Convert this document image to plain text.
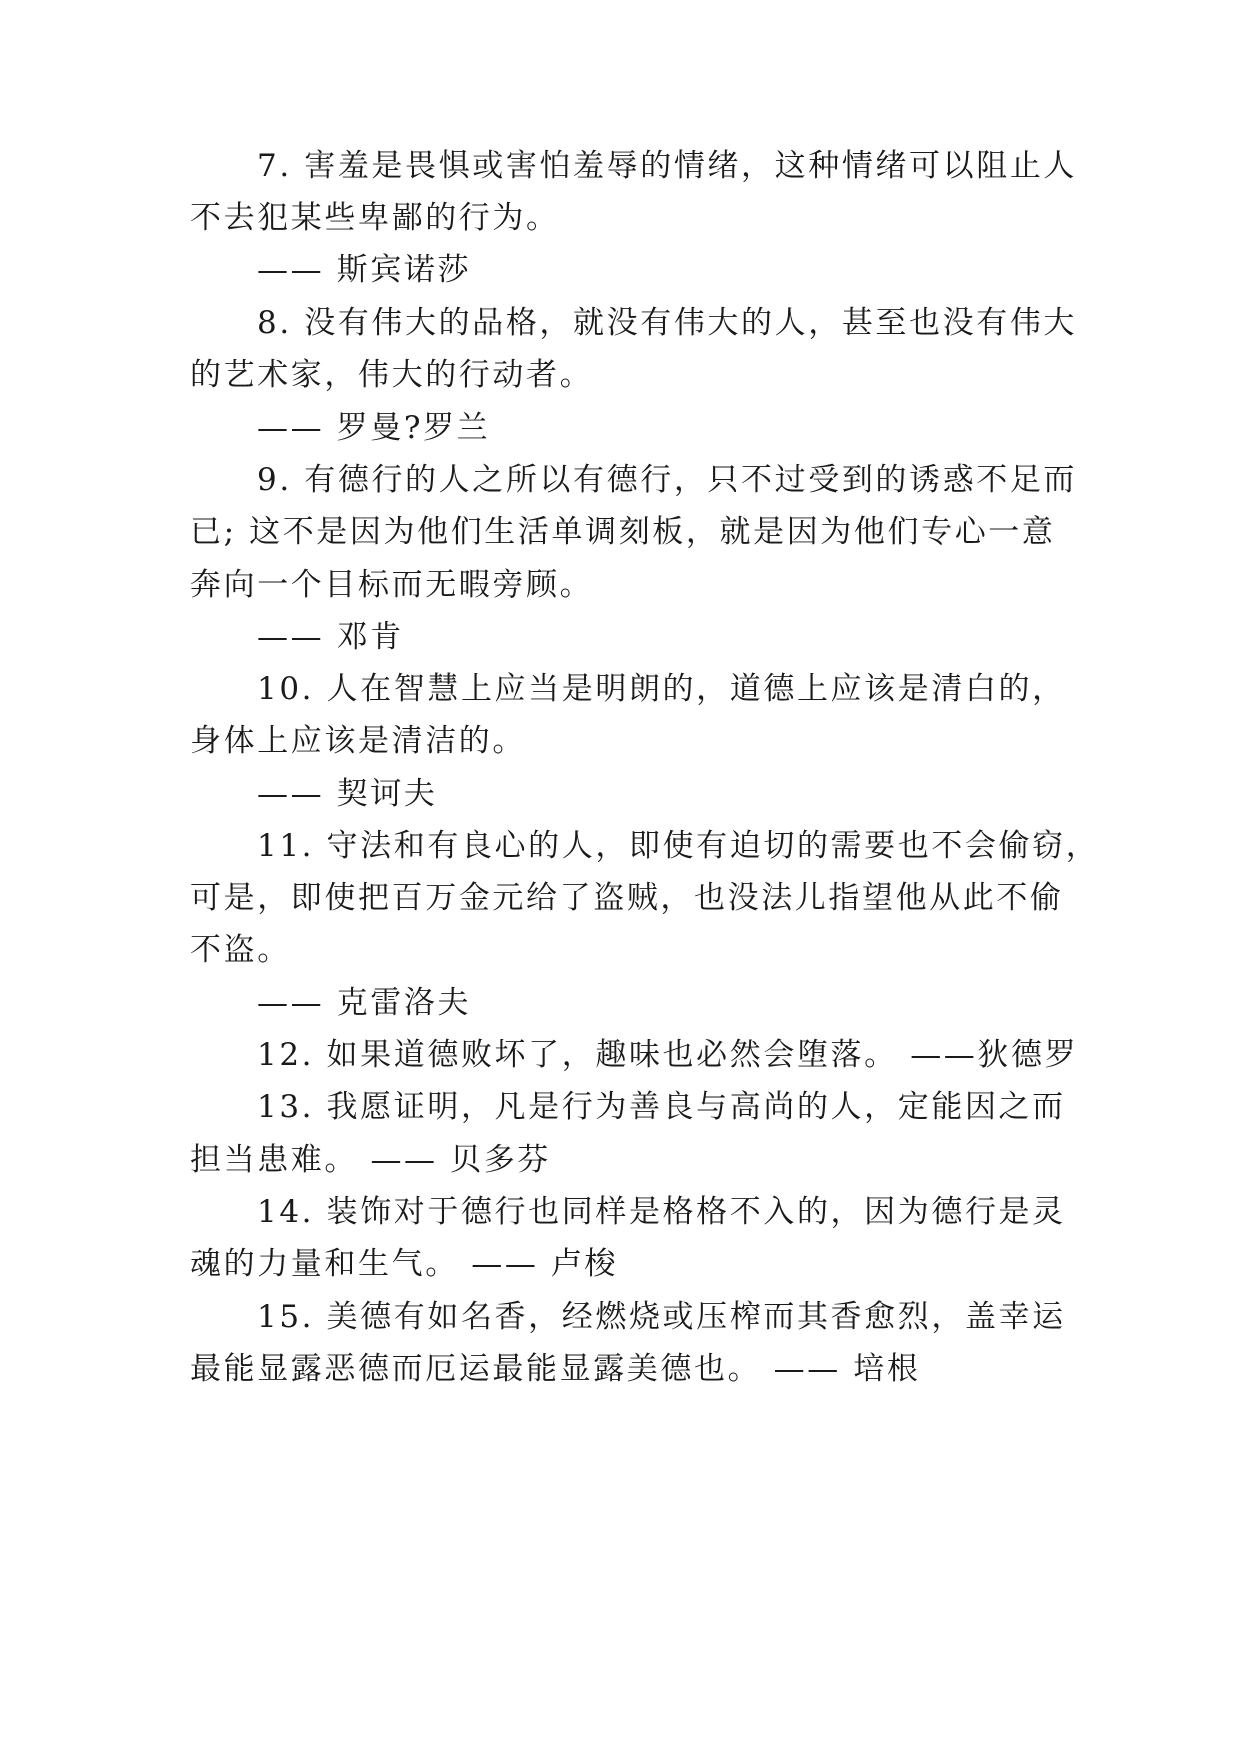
7. 害羞是畏惧或害怕羞辱的情绪，这种情绪可以阻止人
不去犯某些卑鄙的行为。
—— 斯宾诺莎
8. 没有伟大的品格，就没有伟大的人，甚至也没有伟大
的艺术家，伟大的行动者。
—— 罗曼?罗兰
9. 有德行的人之所以有德行，只不过受到的诱惑不足而
已; 这不是因为他们生活单调刻板，就是因为他们专心一意
奔向一个目标而无暇旁顾。
—— 邓肯
10. 人在智慧上应当是明朗的，道德上应该是清白的，
身体上应该是清洁的。
—— 契诃夫
11. 守法和有良心的人，即使有迫切的需要也不会偷窃，
可是，即使把百万金元给了盗贼，也没法儿指望他从此不偷
不盗。
—— 克雷洛夫
12. 如果道德败坏了，趣味也必然会堕落。 ——狄德罗
13. 我愿证明，凡是行为善良与高尚的人，定能因之而
担当患难。 —— 贝多芬
14. 装饰对于德行也同样是格格不入的，因为德行是灵
魂的力量和生气。 —— 卢梭
15. 美德有如名香，经燃烧或压榨而其香愈烈，盖幸运
最能显露恶德而厄运最能显露美德也。 —— 培根
